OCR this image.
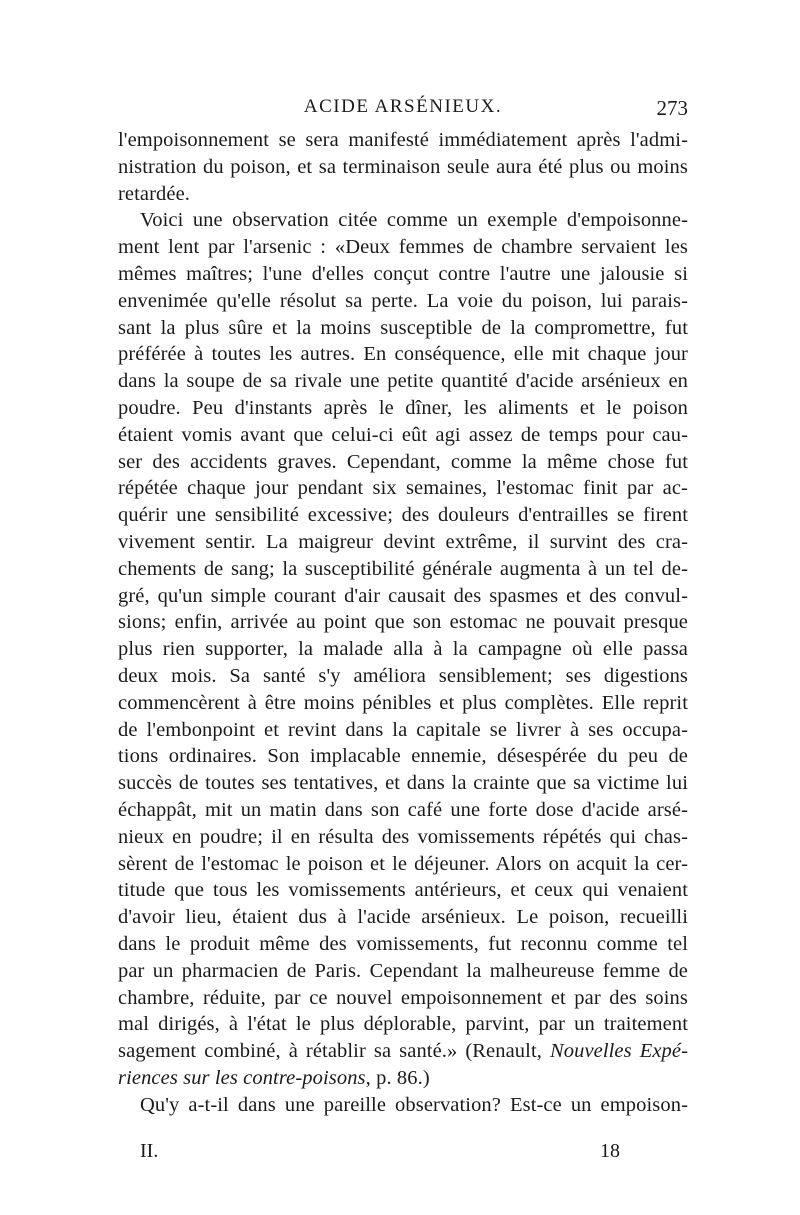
ACIDE ARSÉNIEUX.	273
l'empoisonnement se sera manifesté immédiatement après l'admi-
nistration du poison, et sa terminaison seule aura été plus ou moins
retardée.
Voici une observation citée comme un exemple d'empoisonne-
ment lent par l'arsenic : «Deux femmes de chambre servaient les
mêmes maîtres; l'une d'elles conçut contre l'autre une jalousie si
envenimée qu'elle résolut sa perte. La voie du poison, lui parais-
sant la plus sûre et la moins susceptible de la compromettre, fut
préférée à toutes les autres. En conséquence, elle mit chaque jour
dans la soupe de sa rivale une petite quantité d'acide arsénieux en
poudre. Peu d'instants après le dîner, les aliments et le poison
étaient vomis avant que celui-ci eût agi assez de temps pour cau-
ser des accidents graves. Cependant, comme la même chose fut
répétée chaque jour pendant six semaines, l'estomac finit par ac-
quérir une sensibilité excessive; des douleurs d'entrailles se firent
vivement sentir. La maigreur devint extrême, il survint des cra-
chements de sang; la susceptibilité générale augmenta à un tel de-
gré, qu'un simple courant d'air causait des spasmes et des convul-
sions; enfin, arrivée au point que son estomac ne pouvait presque
plus rien supporter, la malade alla à la campagne où elle passa
deux mois. Sa santé s'y améliora sensiblement; ses digestions
commencèrent à être moins pénibles et plus complètes. Elle reprit
de l'embonpoint et revint dans la capitale se livrer à ses occupa-
tions ordinaires. Son implacable ennemie, désespérée du peu de
succès de toutes ses tentatives, et dans la crainte que sa victime lui
échappât, mit un matin dans son café une forte dose d'acide arsé-
nieux en poudre; il en résulta des vomissements répétés qui chas-
sèrent de l'estomac le poison et le déjeuner. Alors on acquit la cer-
titude que tous les vomissements antérieurs, et ceux qui venaient
d'avoir lieu, étaient dus à l'acide arsénieux. Le poison, recueilli
dans le produit même des vomissements, fut reconnu comme tel
par un pharmacien de Paris. Cependant la malheureuse femme de
chambre, réduite, par ce nouvel empoisonnement et par des soins
mal dirigés, à l'état le plus déplorable, parvint, par un traitement
sagement combiné, à rétablir sa santé.» (Renault, Nouvelles Expé-
riences sur les contre-poisons, p. 86.)
Qu'y a-t-il dans une pareille observation? Est-ce un empoison-
II.	18
